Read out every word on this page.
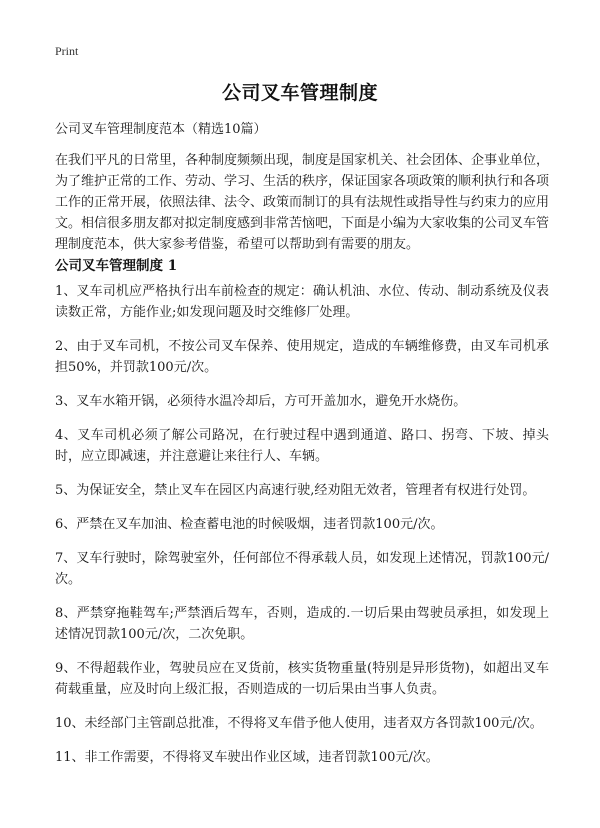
Print
公司叉车管理制度
公司叉车管理制度范本（精选10篇）
在我们平凡的日常里，各种制度频频出现，制度是国家机关、社会团体、企事业单位，为了维护正常的工作、劳动、学习、生活的秩序，保证国家各项政策的顺利执行和各项工作的正常开展，依照法律、法令、政策而制订的具有法规性或指导性与约束力的应用文。相信很多朋友都对拟定制度感到非常苦恼吧，下面是小编为大家收集的公司叉车管理制度范本，供大家参考借鉴，希望可以帮助到有需要的朋友。
公司叉车管理制度 1
1、叉车司机应严格执行出车前检查的规定：确认机油、水位、传动、制动系统及仪表读数正常，方能作业;如发现问题及时交维修厂处理。
2、由于叉车司机，不按公司叉车保养、使用规定，造成的车辆维修费，由叉车司机承担50%，并罚款100元/次。
3、叉车水箱开锅，必须待水温冷却后，方可开盖加水，避免开水烧伤。
4、叉车司机必须了解公司路况，在行驶过程中遇到通道、路口、拐弯、下坡、掉头时，应立即减速，并注意避让来往行人、车辆。
5、为保证安全，禁止叉车在园区内高速行驶,经劝阻无效者，管理者有权进行处罚。
6、严禁在叉车加油、检查蓄电池的时候吸烟，违者罚款100元/次。
7、叉车行驶时，除驾驶室外，任何部位不得承载人员，如发现上述情况，罚款100元/次。
8、严禁穿拖鞋驾车;严禁酒后驾车，否则，造成的.一切后果由驾驶员承担，如发现上述情况罚款100元/次，二次免职。
9、不得超载作业，驾驶员应在叉货前，核实货物重量(特别是异形货物)，如超出叉车荷载重量，应及时向上级汇报，否则造成的一切后果由当事人负责。
10、未经部门主管副总批准，不得将叉车借予他人使用，违者双方各罚款100元/次。
11、非工作需要，不得将叉车驶出作业区域，违者罚款100元/次。
